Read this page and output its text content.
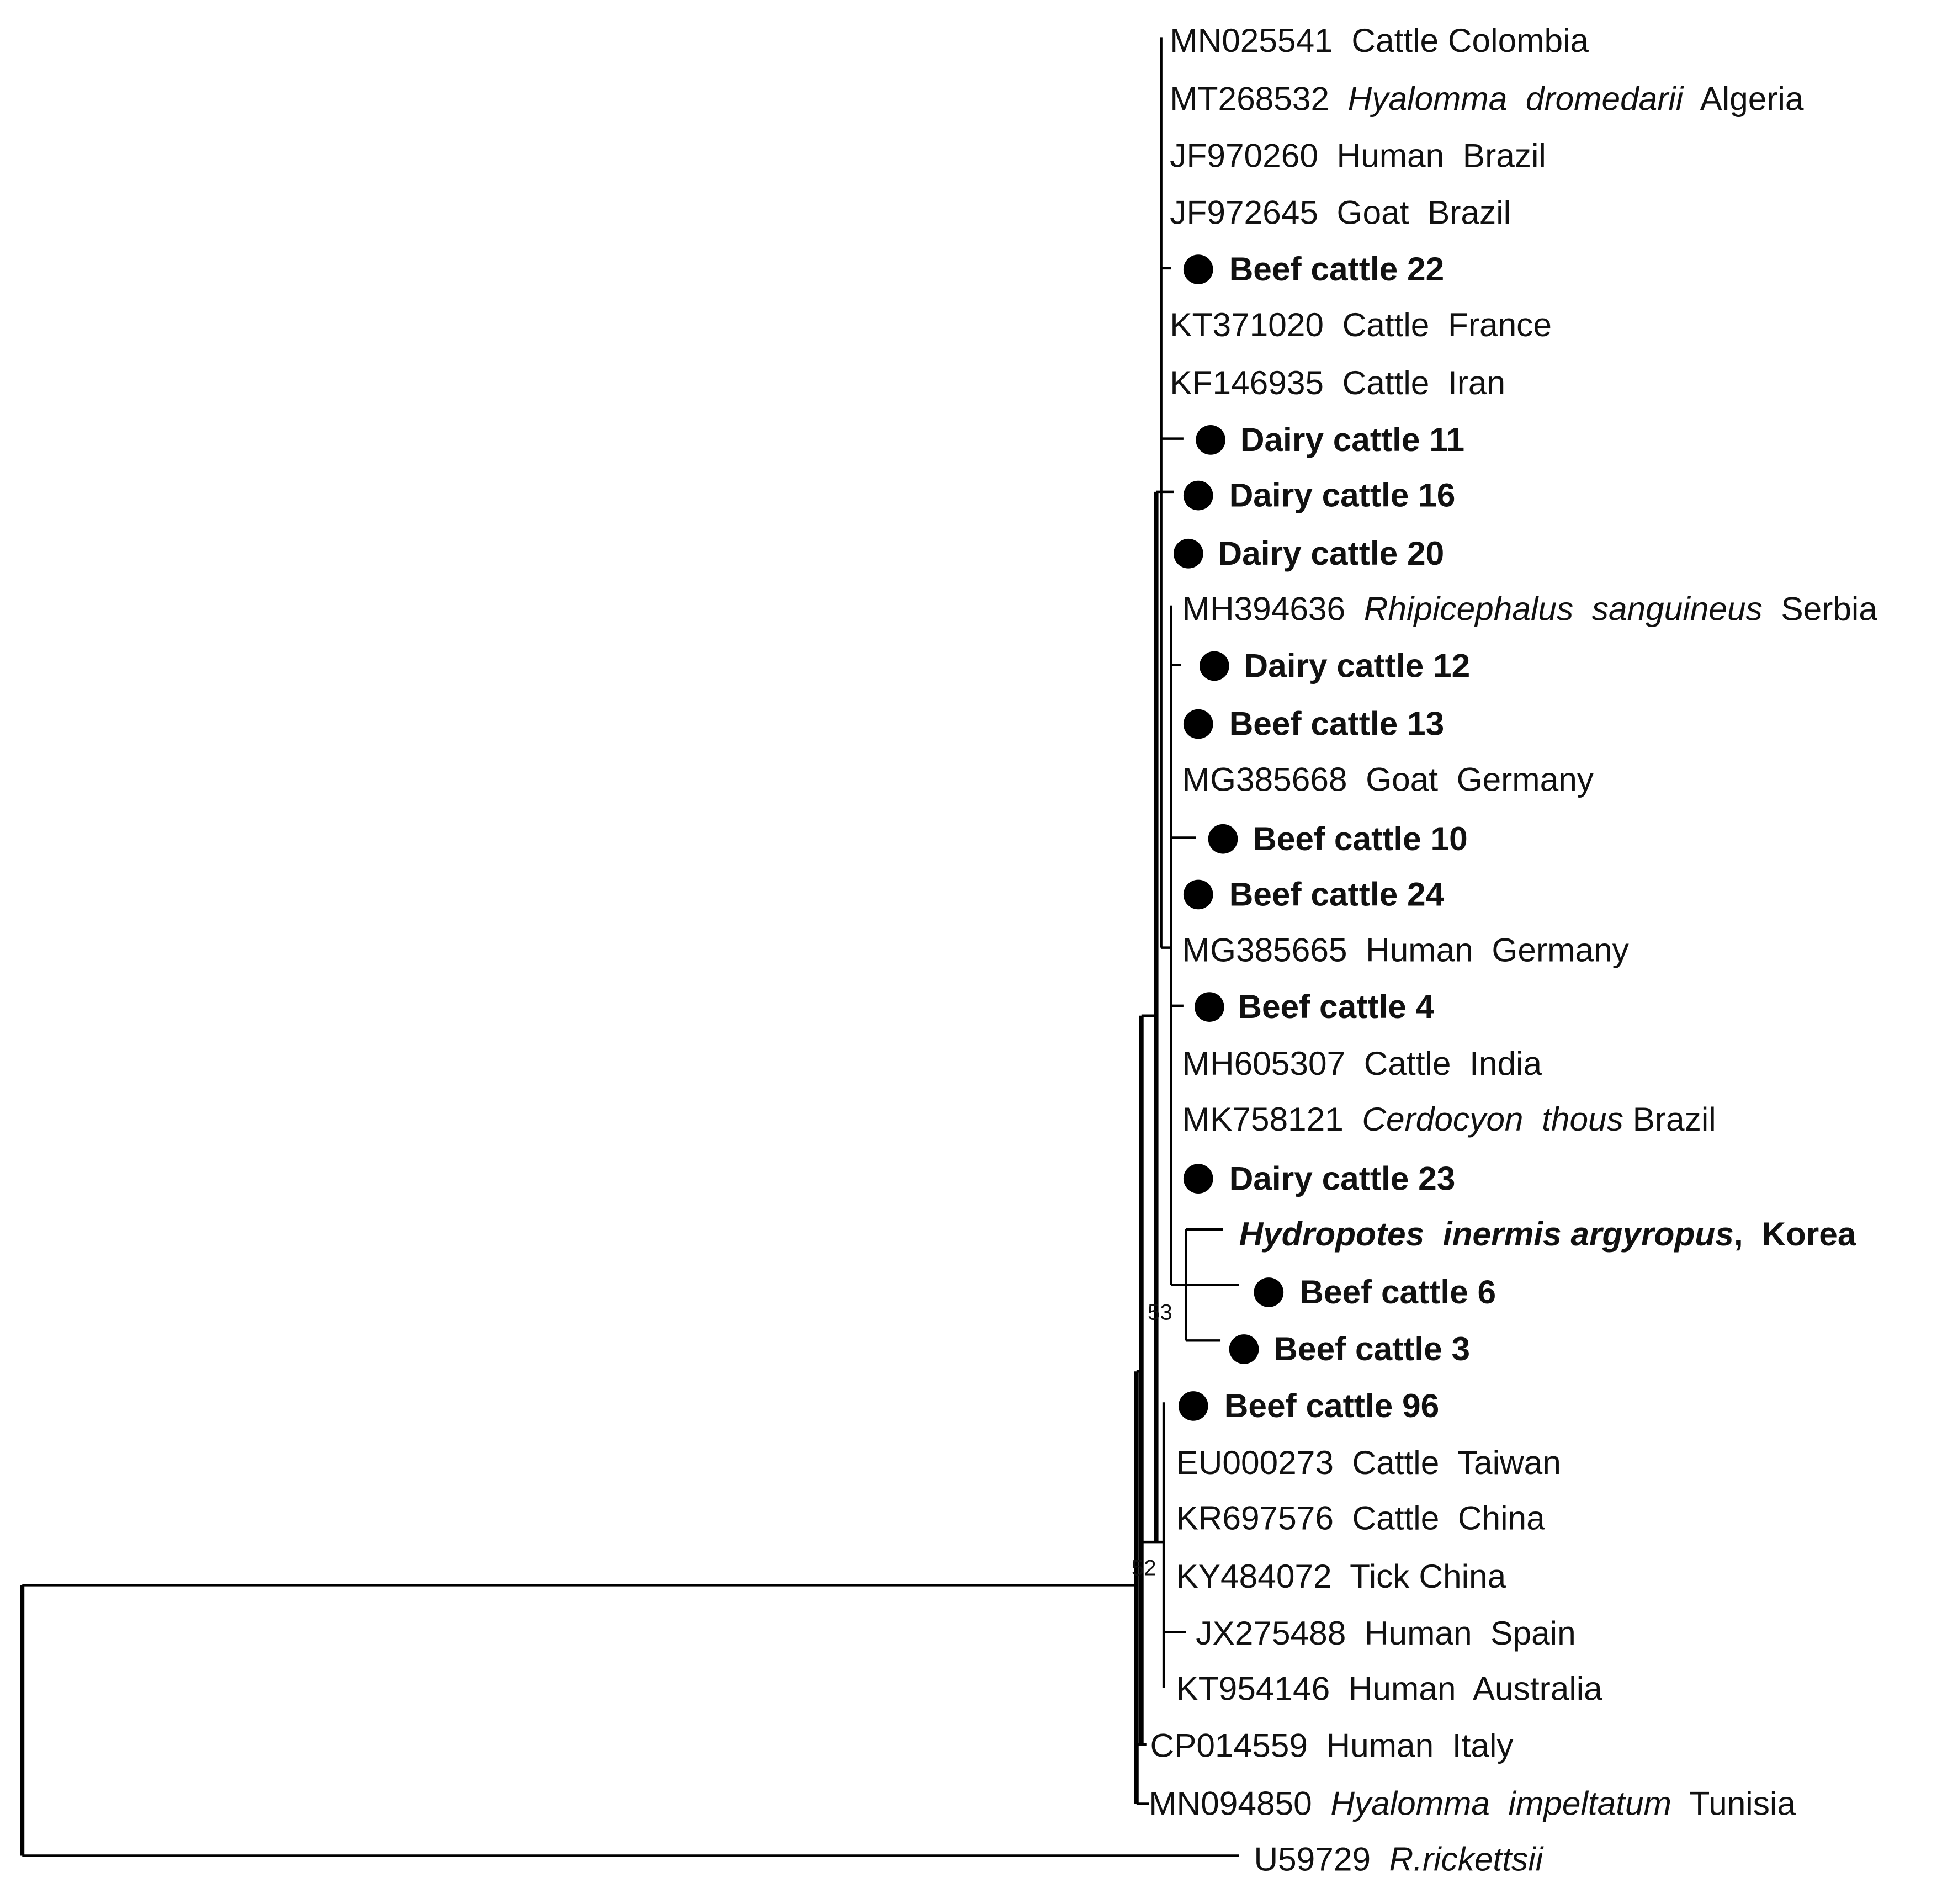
53
52
MN025541  Cattle Colombia
MT268532  Hyalomma  dromedarii  Algeria
JF970260  Human  Brazil
JF972645  Goat  Brazil
Beef cattle 22
KT371020  Cattle  France
KF146935  Cattle  Iran
Dairy cattle 11
Dairy cattle 16
Dairy cattle 20
MH394636  Rhipicephalus  sanguineus  Serbia
Dairy cattle 12
Beef cattle 13
MG385668  Goat  Germany
Beef cattle 10
Beef cattle 24
MG385665  Human  Germany
Beef cattle 4
MH605307  Cattle  India
MK758121  Cerdocyon  thous Brazil
Dairy cattle 23
Hydropotes  inermis argyropus,  Korea
Beef cattle 6
Beef cattle 3
Beef cattle 96
EU000273  Cattle  Taiwan
KR697576  Cattle  China
KY484072  Tick China
JX275488  Human  Spain
KT954146  Human  Australia
CP014559  Human  Italy
MN094850  Hyalomma  impeltatum  Tunisia
U59729  R.rickettsii
